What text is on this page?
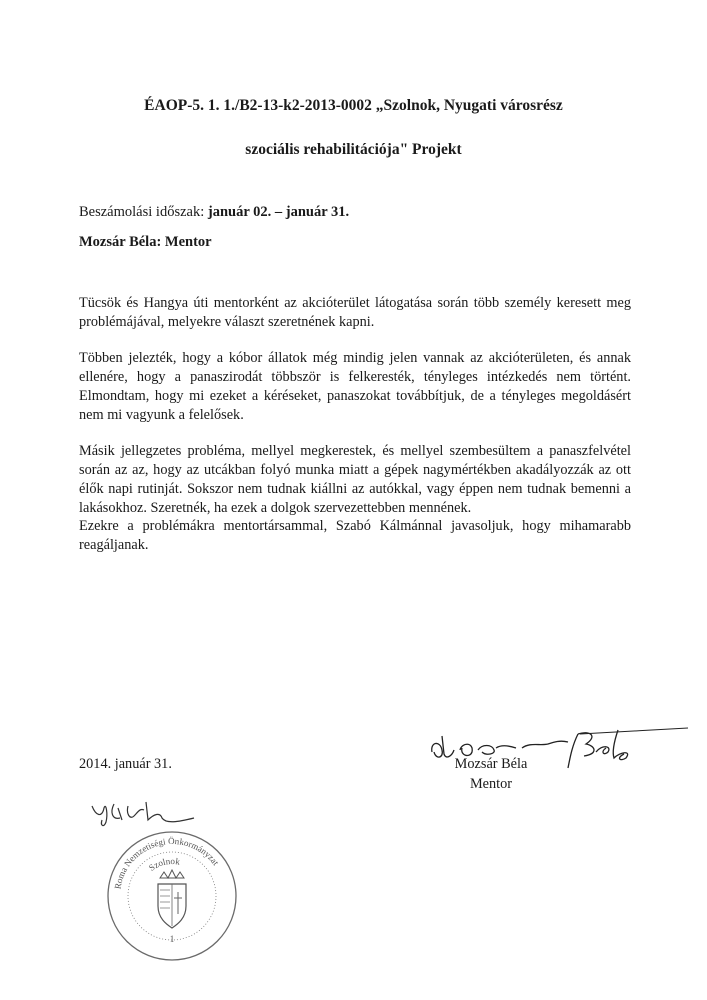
ÉAOP-5. 1. 1./B2-13-k2-2013-0002 „Szolnok, Nyugati városrész

szociális rehabilitációja" Projekt

Beszámolási időszak: január 02. – január 31.

Mozsár Béla: Mentor

Tücsök és Hangya úti mentorként az akcióterület látogatása során több személy keresett meg problémájával, melyekre választ szeretnének kapni.

Többen jelezték, hogy a kóbor állatok még mindig jelen vannak az akcióterületen, és annak ellenére, hogy a panaszirodát többször is felkeresték, tényleges intézkedés nem történt. Elmondtam, hogy mi ezeket a kéréseket, panaszokat továbbítjuk, de a tényleges megoldásért nem mi vagyunk a felelősek.

Másik jellegzetes probléma, mellyel megkerestek, és mellyel szembesültem a panaszfelvétel során az az, hogy az utcákban folyó munka miatt a gépek nagymértékben akadályozzák az ott élők napi rutinját. Sokszor nem tudnak kiállni az autókkal, vagy éppen nem tudnak bemenni a lakásokhoz. Szeretnék, ha ezek a dolgok szervezettebben mennének.

Ezekre a problémákra mentortársammal, Szabó Kálmánnal javasoljuk, hogy mihamarabb reagáljanak.

2014. január 31.	Mozsár Béla

Mentor

Roma Nemzetiségi Önkormányzat
Szolnok
1
